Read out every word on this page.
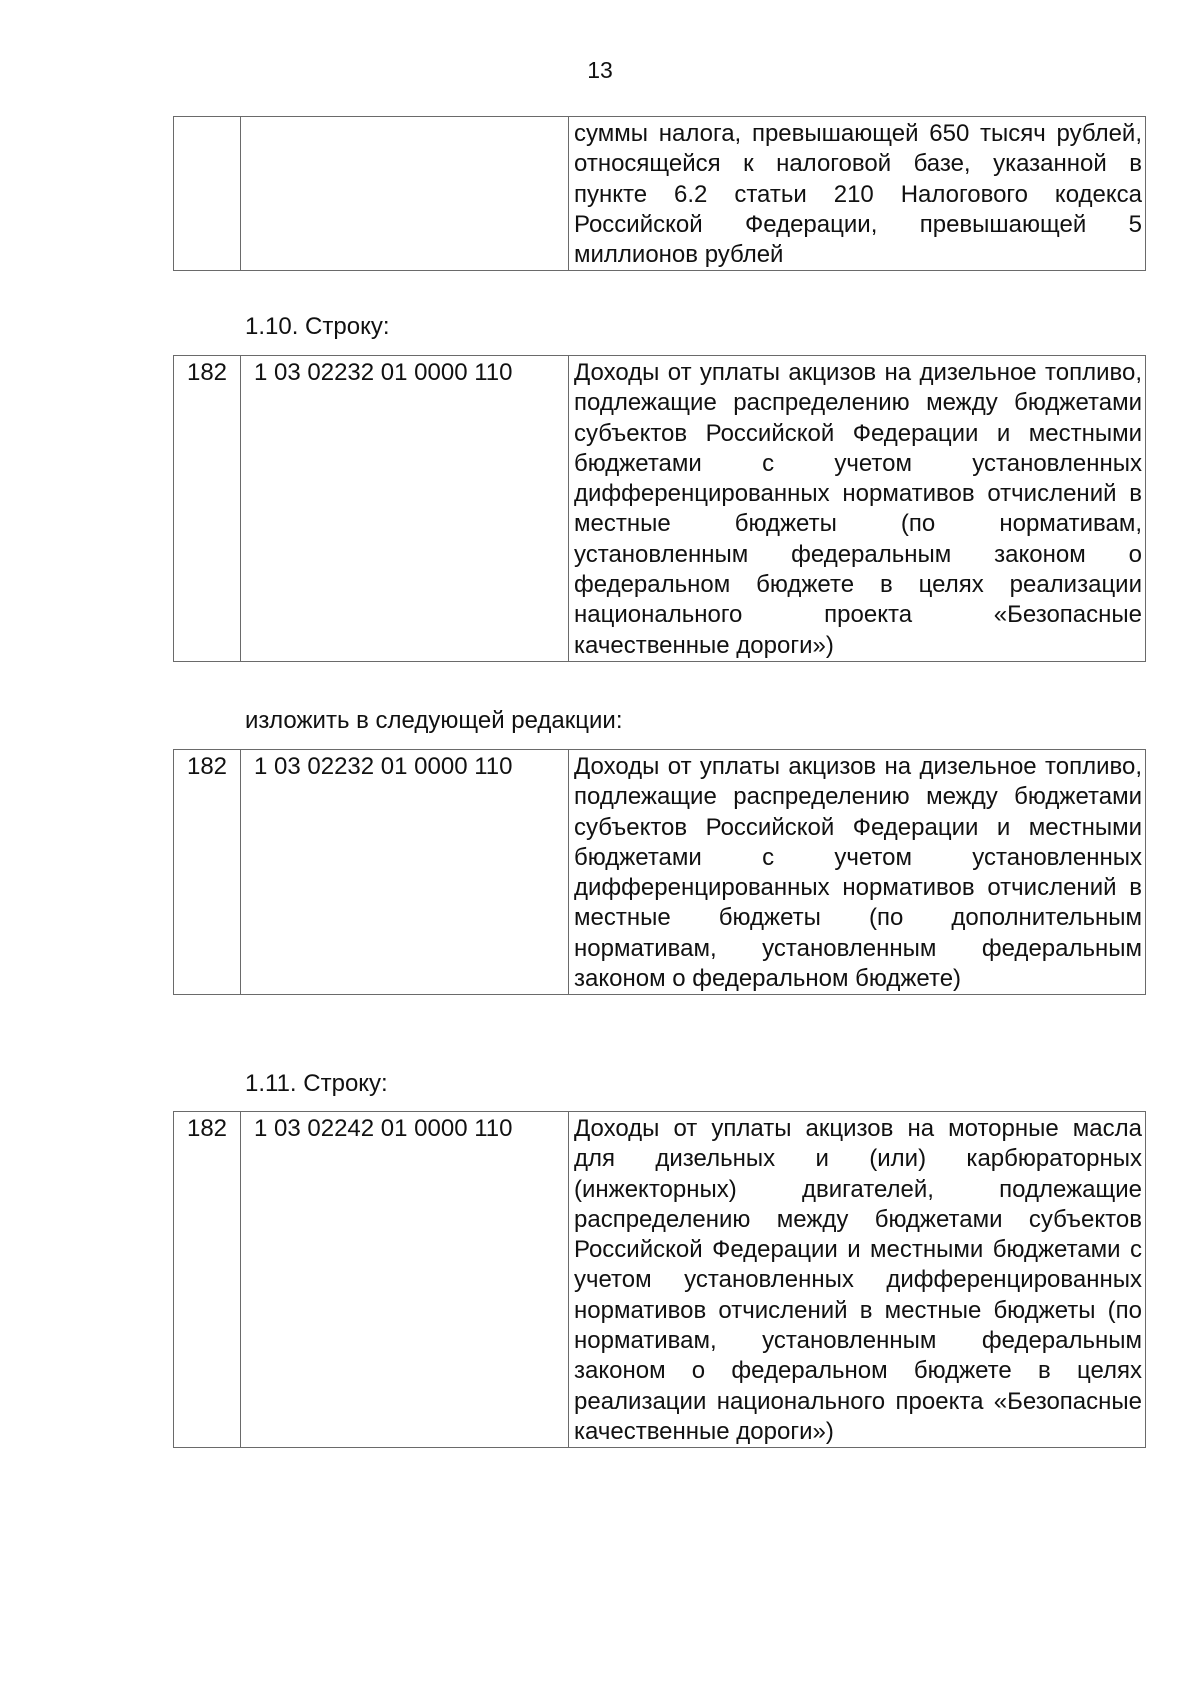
13
		суммы налога, превышающей 650 тысяч рублей, относящейся к налоговой базе, указанной в пункте 6.2 статьи 210 Налогового кодекса Российской Федерации, превышающей 5 миллионов рублей
1.10. Строку:
182	1 03 02232 01 0000 110	Доходы от уплаты акцизов на дизельное топливо, подлежащие распределению между бюджетами субъектов Российской Федерации и местными бюджетами с учетом установленных дифференцированных нормативов отчислений в местные бюджеты (по нормативам, установленным федеральным законом о федеральном бюджете в целях реализации национального проекта «Безопасные качественные дороги»)
изложить в следующей редакции:
182	1 03 02232 01 0000 110	Доходы от уплаты акцизов на дизельное топливо, подлежащие распределению между бюджетами субъектов Российской Федерации и местными бюджетами с учетом установленных дифференцированных нормативов отчислений в местные бюджеты (по дополнительным нормативам, установленным федеральным законом о федеральном бюджете)
1.11. Строку:
182	1 03 02242 01 0000 110	Доходы от уплаты акцизов на моторные масла для дизельных и (или) карбюраторных (инжекторных) двигателей, подлежащие распределению между бюджетами субъектов Российской Федерации и местными бюджетами с учетом установленных дифференцированных нормативов отчислений в местные бюджеты (по нормативам, установленным федеральным законом о федеральном бюджете в целях реализации национального проекта «Безопасные качественные дороги»)
